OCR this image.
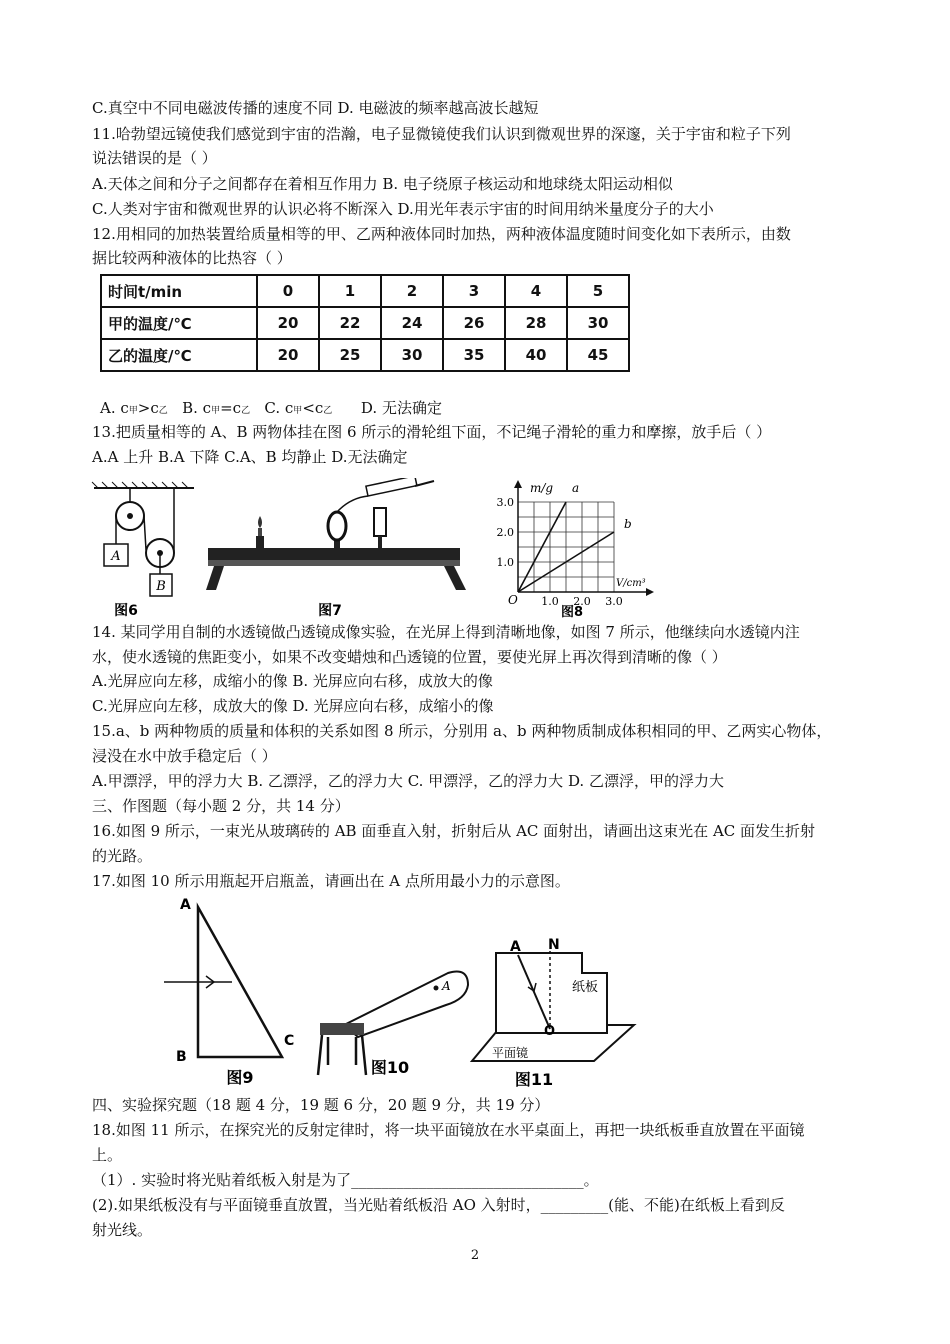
C.真空中不同电磁波传播的速度不同 D. 电磁波的频率越高波长越短
11.哈勃望远镜使我们感觉到宇宙的浩瀚，电子显微镜使我们认识到微观世界的深邃，关于宇宙和粒子下列
说法错误的是（ ）
A.天体之间和分子之间都存在着相互作用力 B. 电子绕原子核运动和地球绕太阳运动相似
C.人类对宇宙和微观世界的认识必将不断深入 D.用光年表示宇宙的时间用纳米量度分子的大小
12.用相同的加热装置给质量相等的甲、乙两种液体同时加热，两种液体温度随时间变化如下表所示，由数
据比较两种液体的比热容（ ）
时间t/min	0	1	2	3	4	5
甲的温度/℃	20	22	24	26	28	30
乙的温度/℃	20	25	30	35	40	45
A. c甲>c乙 B. c甲=c乙 C. c甲<c乙 D. 无法确定
13.把质量相等的 A、B 两物体挂在图 6 所示的滑轮组下面，不记绳子滑轮的重力和摩擦，放手后（ ）
A.A 上升 B.A 下降 C.A、B 均静止 D.无法确定
A
B
图6	图7
3.0
2.0
1.0
1.0 2.0 3.0
m/g
V/cm³
O
a
b
图8
14. 某同学用自制的水透镜做凸透镜成像实验，在光屏上得到清晰地像，如图 7 所示，他继续向水透镜内注
水，使水透镜的焦距变小，如果不改变蜡烛和凸透镜的位置，要使光屏上再次得到清晰的像（ ）
A.光屏应向左移，成缩小的像 B. 光屏应向右移，成放大的像
C.光屏应向左移，成放大的像 D. 光屏应向右移，成缩小的像
15.a、b 两种物质的质量和体积的关系如图 8 所示，分别用 a、b 两种物质制成体积相同的甲、乙两实心物体，
浸没在水中放手稳定后（ ）
A.甲漂浮，甲的浮力大 B. 乙漂浮，乙的浮力大 C. 甲漂浮，乙的浮力大 D. 乙漂浮，甲的浮力大
三、作图题（每小题 2 分，共 14 分）
16.如图 9 所示，一束光从玻璃砖的 AB 面垂直入射，折射后从 AC 面射出，请画出这束光在 AC 面发生折射
的光路。
17.如图 10 所示用瓶起开启瓶盖，请画出在 A 点所用最小力的示意图。
A
B
C
图9
A
图10
A N
O
纸板
平面镜
图11
四、实验探究题（18 题 4 分，19 题 6 分，20 题 9 分，共 19 分）
18.如图 11 所示，在探究光的反射定律时，将一块平面镜放在水平桌面上，再把一块纸板垂直放置在平面镜
上。
（1）. 实验时将光贴着纸板入射是为了_______________________________。
(2).如果纸板没有与平面镜垂直放置，当光贴着纸板沿 AO 入射时，_________(能、不能)在纸板上看到反
射光线。
2
